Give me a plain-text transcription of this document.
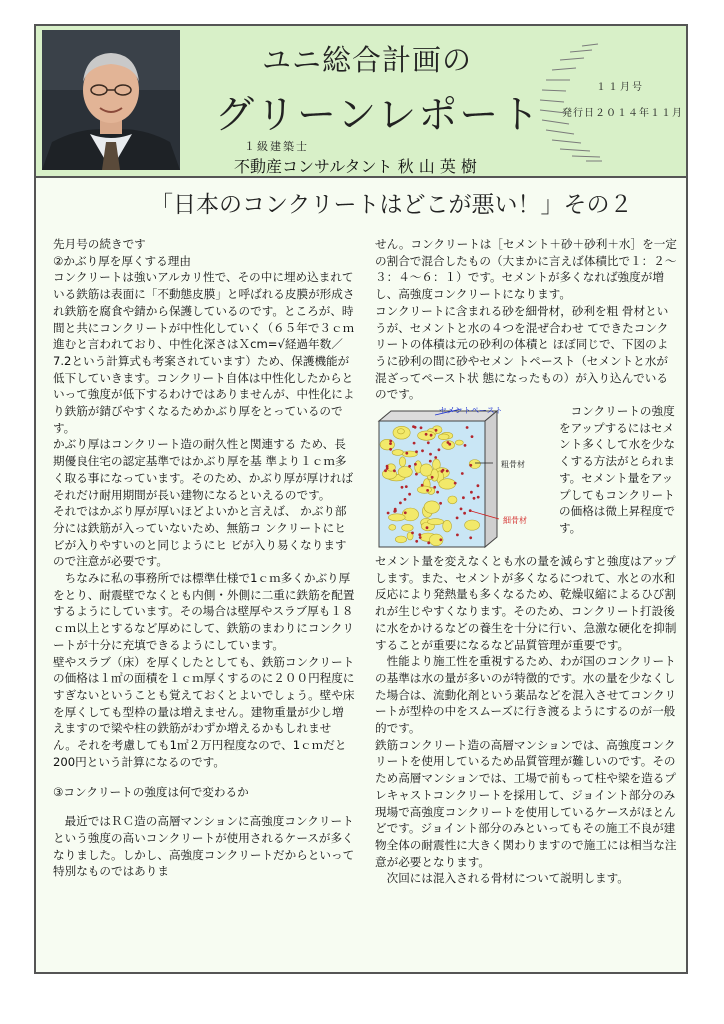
ユニ総合計画の
グリーンレポート
１１月号
発行日２０１４年１１月
１級建築士
不動産コンサルタント 秋 山 英 樹
「日本のコンクリートはどこが悪い！」その２

先月号の続きです

②かぶり厚を厚くする理由

コンクリートは強いアルカリ性で、その中に埋め込まれている鉄筋は表面に「不動態皮膜」と呼ばれる皮膜が形成され鉄筋を腐食や錆から保護しているのです。ところが、時間と共にコンクリートが中性化していく（６５年で３ｃｍ進むと言われており、中性化深さはＸcm=√経過年数／7.2という計算式も考案されています）ため、保護機能が低下していきます。コンクリート自体は中性化したからといって強度が低下するわけではありませんが、中性化により鉄筋が錆びやすくなるためかぶり厚をとっているのです。

かぶり厚はコンクリート造の耐久性と関連する ため、長期優良住宅の認定基準ではかぶり厚を基 準より１ｃｍ多く取る事になっています。そのため、かぶり厚が厚ければそれだけ耐用期間が長い建物になるといえるのです。

それではかぶり厚が厚いほどよいかと言えば、 かぶり部分には鉄筋が入っていないため、無筋コ ンクリートにヒビが入りやすいのと同じようにヒ ビが入り易くなりますので注意が必要です。

ちなみに私の事務所では標準仕様で1ｃｍ多くかぶり厚をとり、耐震壁でなくとも内側・外側に二重に鉄筋を配置するようにしています。その場合は壁厚やスラブ厚も１８ｃｍ以上とするなど厚めにして、鉄筋のまわりにコンクリートが十分に充填できるようにしています。

壁やスラブ（床）を厚くしたとしても、鉄筋コンクリートの価格は１㎡の面積を１ｃｍ厚くするのに２００円程度にすぎないということも覚えておくとよいでしょう。壁や床を厚くしても型枠の量は増えません。建物重量が少し増えますので梁や柱の鉄筋がわずか増えるかもしれません。それを考慮しても1㎡２万円程度なので、1ｃｍだと200円という計算になるのです。

③コンクリートの強度は何で変わるか

最近ではＲＣ造の高層マンションに高強度コンクリートという強度の高いコンクリートが使用されるケースが多くなりました。しかし、高強度コンクリートだからといって特別なものではありま

せん。コンクリートは［セメント＋砂＋砂利＋水］を一定の割合で混合したもの（大まかに言えば体積比で１：２～３：４～６：１）です。セメントが多くなれば強度が増し、高強度コンクリートになります。

コンクリートに含まれる砂を細骨材，砂利を粗 骨材というが、セメントと水の４つを混ぜ合わせ てできたコンクリートの体積は元の砂利の体積と ほぼ同じで、下図のように砂利の間に砂やセメン トペースト（セメントと水が混ざってペースト状 態になったもの）が入り込んでいるのです。

セメントペースト
粗骨材
細骨材

コンクリートの強度をアップするにはセメント多くして水を少なくする方法がとられます。セメント量をアップしてもコンクリートの価格は微上昇程度です。

セメント量を変えなくとも水の量を減らすと強度はアップします。また、セメントが多くなるにつれて、水との水和反応により発熱量も多くなるため、乾燥収縮によるひび割れが生じやすくなります。そのため、コンクリート打設後に水をかけるなどの養生を十分に行い、急激な硬化を抑制することが重要になるなど品質管理が重要です。

性能より施工性を重視するため、わが国のコンクリートの基準は水の量が多いのが特徴的です。水の量を少なくした場合は、流動化剤という薬品などを混入させてコンクリートが型枠の中をスムーズに行き渡るようにするのが一般的です。

鉄筋コンクリート造の高層マンションでは、高強度コンクリートを使用しているため品質管理が難しいのです。そのため高層マンションでは、工場で前もって柱や梁を造るプレキャストコンクリートを採用して、ジョイント部分のみ現場で高強度コンクリートを使用しているケースがほとんどです。ジョイント部分のみといってもその施工不良が建物全体の耐震性に大きく関わりますので施工には相当な注意が必要となります。

次回には混入される骨材について説明します。
